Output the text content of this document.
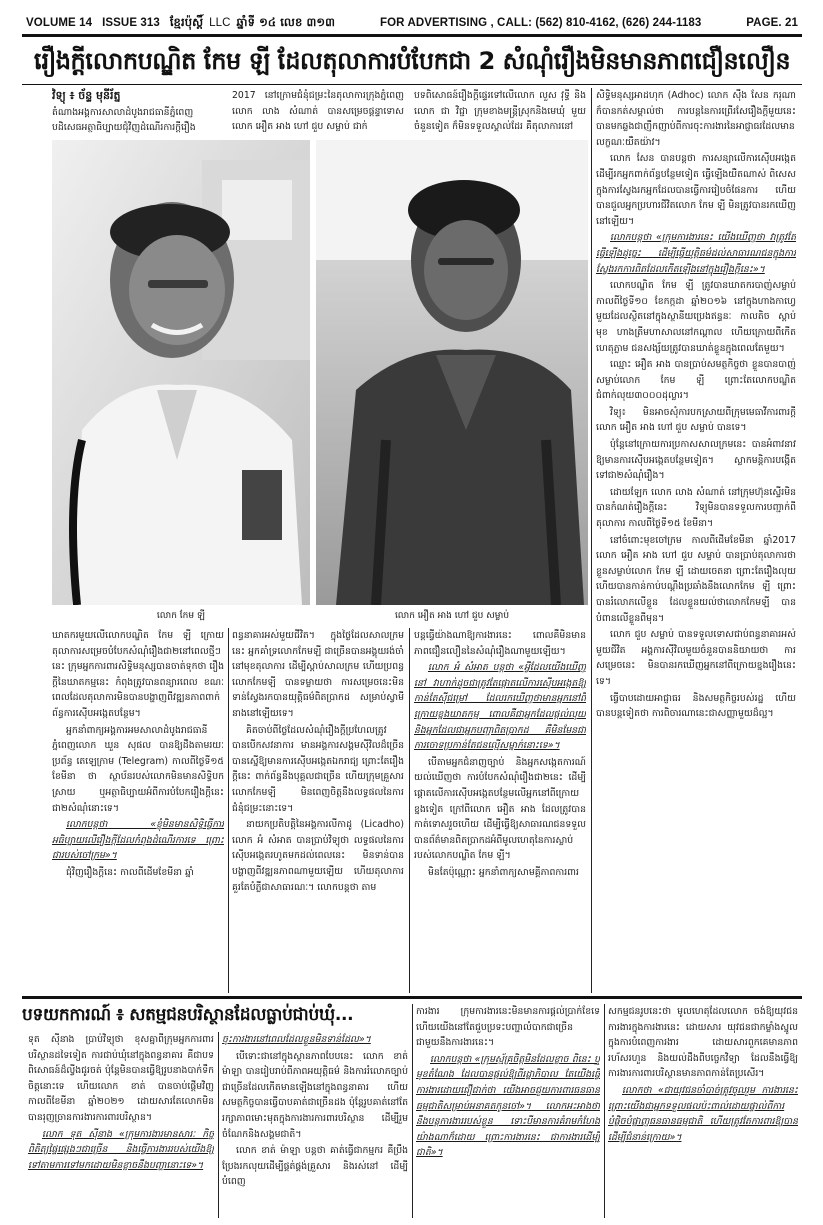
VOLUME 14 ISSUE 313 ខ្មែរប៉ុស្ដិ៍ LLC ឆ្នាំទី ១៤ លេខ ៣១៣	FOR ADVERTISING , CALL: (562) 810-4162, (626) 244-1183	PAGE. 21
រឿងក្ដីលោកបណ្ឌិត កែម ឡី ដែលតុលាការបំបែកជា 2 សំណុំរឿងមិនមានភាពជឿនលឿន

វិទ្យុ ៖ ច័ន្ទ មុនីរ័ត្ន

តំណាងអង្គការសាលាដំបូងរាជធានីភ្នំពេញ បដិសេធអត្ថាធិប្បាយជុំវិញដំណើរការក្ដីរឿង

2017 នៅក្រោមជំនុំជម្រះនៃតុលាការក្រុងភ្នំពេញ លោក លាង សំណាត់ បានសម្រេចផ្ដន្ទាទោស លោក អឿត អាង ហៅ ជួប សម្លាប់ ជាក់

បទពិសោធន៍រឿងក្ដីផ្ទេរទៅលើលោក លួស វុទ្ធី និងលោក ជា វិជ្ជា ក្រុមខាងមន្ត្រីស្រុកនិងមេឃុំ មួយចំនួនទៀត ក៏មិនទទួលស្គាល់ដែរ គឺតុលាការនៅ

លោក កែម ឡី	លោក អឿត អាង ហៅ ជួប សម្លាប់

សិទ្ធិមនុស្សអាដហុក (Adhoc) លោក ស៊ឹង សែន ករុណា ក៏បានកត់សម្គាល់ថា ការបន្ដនៃការព្រើរសែរឿងក្ដីមួយនេះបានមកឆ្លងជាញឹកញាប់ពីការចុះការងារនៃអាជ្ញាធរដែលមានលក្ខណៈយឺតយ៉ាវ។

លោក សែន បានបន្ដថា ការសន្យាលើការស៊ើបអង្កេត ដើម្បីរកអ្នកពាក់ព័ន្ធបន្ថែមទៀត ធ្វើឡើងយឺតណាស់ ពិសេសក្នុងការស្វែងរកអ្នកដែលបានធ្វើការរៀបចំផែនការ ហើយបានជួលអ្នកប្រហារជីវិតលោក កែម ឡី មិនត្រូវបានរកឃើញនៅឡើយ។

លោកបន្តថា «ក្រុមការងារនេះ យើងឃើញថា វាត្រូវតែធ្វើឡើងដូច្នេះ ដើម្បីធ្វើយុត្តិធម៌ដល់សាធារណជនក្នុងការស្វែងរកការពិតដែលកើតឡើងនៅក្នុងរឿងក្ដីនេះ»។

លោកបណ្ឌិត កែម ឡី ត្រូវបានឃាតករបាញ់សម្លាប់កាលពីថ្ងៃទី១០ ខែកក្កដា ឆ្នាំ២០១៦ នៅក្នុងហាងកាហ្វេមួយដែលស្ថិតនៅក្នុងស្ថានីយប្រេងឥន្ធនៈ កាលតិច ស្ដាប់មុខ ហាងត្រីមហាសាលនៅកណ្ដាល ហើយក្រោយពីកើតហេតុភ្លាម ជនសង្ស័យត្រូវបានឃាត់ខ្លួនក្នុងពេលតែមួយ។

ឈ្មោះ អឿត អាង បានប្រាប់សមត្ថកិច្ចថា ខ្លួនបានបាញ់សម្លាប់លោក កែម ឡី ព្រោះតែលោកបណ្ឌិតជំពាក់លុយ៣០០០ដុល្លារ។

វិទ្យុ៖ មិនអាចសុំការបកស្រាយពីក្រុមមេធាវីការពារក្ដីលោក អឿត អាង ហៅ ជួប សម្លាប់ បានទេ។

ប៉ុន្តែនៅក្រោយការប្រកាសសាលក្រមនេះ បានអំពាវនាវឱ្យមានការស៊ើបអង្កេតបន្ថែមទៀត។ ស្លាកមន្តិការបង្កើតទៅជា២សំណុំរឿង។

ដោយឡែក លោក លាង សំណាត់ នៅក្រុមហ៊ុនស្ទើរមិនបានកំណត់រឿងក្ដីនេះ វិទ្យុមិនបានទទួលការបញ្ជាក់ពីតុលាការ កាលពីថ្ងៃទី១៥ ខែមីនា។

នៅចំពោះមុខចៅក្រម កាលពីដើមខែមីនា ឆ្នាំ2017 លោក អឿត អាង ហៅ ជួប សម្លាប់ បានប្រាប់តុលាការថា ខ្លួនសម្លាប់លោក កែម ឡី ដោយចេតនា ព្រោះតែរឿងលុយ ហើយបានកាន់កាប់បណ្ដឹងប្រឆាំងនឹងលោកកែម ឡី ព្រោះបានរំលោភលើខ្លួន ដែលខ្លួនយល់ថាលោកកែមឡី បានបំពានលើខ្លួនពីមុន។

លោក ជួប សម្លាប់ បានទទួលទោសជាប់ពន្ធនាគារអស់មួយជីវិត អង្គការស៊ីវិលមួយចំនួនបាននិយាយថា ការសម្រេចនេះ មិនបានរកឃើញអ្នកនៅពីក្រោយខ្នងរឿងនេះទេ។

ធ្វើបាបដោយអាជ្ញាធរ និងសមត្ថកិច្ចរបស់រដ្ឋ ហើយបានបន្ដទៀតថា ការពិចារណានេះជាសញ្ញាមួយដ៏ល្អ។

ឃាតករមួយលើលោកបណ្ឌិត កែម ឡី ក្រោយតុលាការសម្រេចបំបែកសំណុំរឿងជា២នៅពេលថ្មីៗនេះ ក្រុមអ្នកការពារសិទ្ធិមនុស្សបានចាត់ទុកថា រឿងក្ដីនៃឃាតកម្មនេះ កំពុងត្រូវបានពន្យារពេល ខណៈពេលដែលតុលាការមិនបានបង្ហាញពីវឌ្ឍនភាពពាក់ព័ន្ធការស៊ើបអង្កេតបន្ថែម។

អ្នកនាំពាក្យអង្គការអមសាលាដំបូងរាជធានីភ្នំពេញលោក ឃួន សុផល បានឱ្យដឹងតាមរយៈប្រព័ន្ធ តេឡេក្រាម (Telegram) កាលពីថ្ងៃទី១៥ ខែមីនា ថា ស្ថាប័នរបស់លោកមិនមានសិទ្ធិបកស្រាយ ឬអត្ថាធិប្បាយអំពីការបំបែករឿងក្ដីនេះជា២សំណុំនោះទេ។

លោកបន្តថា «ខ្ញុំមិនមានសិទ្ធិធ្វើការអធិប្បាយលើរឿងក្ដីដែលកំពុងដំណើរការទេ ព្រោះជារបស់ចៅក្រម»។

ជុំវិញរឿងក្ដីនេះ កាលពីដើមខែមីនា ឆ្នាំ

ពន្ធនាគារអស់មួយជីវិត។ ក្នុងថ្ងៃដែលសាលក្រមនេះ អ្នកគាំទ្រលោកកែមឡី ជាច្រើនបានអង្គុយរង់ចាំនៅមុខតុលាការ ដើម្បីស្ដាប់សាលក្រម ហើយប្រពន្ធលោកកែមឡី បានទម្លាយថា ការសម្រេចនេះមិនទាន់ស្វែងរកបានយុត្តិធម៌ពិតប្រាកដ សម្រាប់ស្វាមីនាងនៅឡើយទេ។

គិតចាប់ពីថ្ងៃដែលសំណុំរឿងក្ដីប្រហែលត្រូវបានបើកសវនាការ មានអង្គការសង្គមស៊ីវិលដ៏ច្រើន បានស្នើឱ្យមានការស៊ើបអង្កេតឯករាជ្យ ព្រោះតែរឿងក្ដីនេះ ពាក់ព័ន្ធនឹងបុគ្គលជាច្រើន ហើយក្រុមគ្រួសារលោកកែមឡី មិនពេញចិត្តនឹងលទ្ធផលនៃការជំនុំជម្រះនោះទេ។

នាយកប្រតិបត្តិនៃអង្គការលីកាដូ (Licadho) លោក អំ សំអាត បានប្រាប់វិទ្យុថា លទ្ធផលនៃការស៊ើបអង្កេតរហូតមកដល់ពេលនេះ មិនទាន់បានបង្ហាញពីវឌ្ឍនភាពណាមួយឡើយ ហើយតុលាការគួរតែបំភ្លឺជាសាធារណៈ។ លោកបន្ដថា តាម

បន្ដធ្វើយ៉ាងណាឱ្យការងារនេះ ពោលគឺមិនមានភាពជឿនលឿននៃសំណុំរឿងណាមួយឡើយ។

លោក អំ សំអាត បន្តថា «អ្វីដែលយើងឃើញនៅ វាហាក់ដូចជាត្រូវតែផ្ដោតលើការស៊ើបអង្កេតឱ្យកាន់តែស៊ីជម្រៅ ដែលរកឃើញថាមានអ្នកនៅពីក្រោយខ្នងឃាតកម្ម ពោលគឺជាអ្នកដែលផ្ដល់លុយ និងអ្នកដែលជាអ្នកបញ្ជាពិតប្រាកដ គឺមិនមែនជាការចោទប្រកាន់តែជនល្មើសម្នាក់នោះទេ»។

បើតាមអ្នកជំនាញច្បាប់ និងអ្នកសង្កេតការណ៍ យល់ឃើញថា ការបំបែកសំណុំរឿងជា២នេះ ដើម្បីផ្ដោតលើការស៊ើបអង្កេតបន្ថែមលើអ្នកនៅពីក្រោយខ្នងទៀត ក្រៅពីលោក អឿត អាង ដែលត្រូវបានកាត់ទោសរួចហើយ ដើម្បីធ្វើឱ្យសាធារណជនទទួលបានព័ត៌មានពិតប្រាកដអំពីមូលហេតុនៃការស្លាប់របស់លោកបណ្ឌិត កែម ឡី។

មិនតែប៉ុណ្ណោះ អ្នកនាំពាក្យសាមគ្គីភាពការពារ

បទយកការណ៍ ៖ សតម្មជនបរិស្ថានដែលធ្លាប់ជាប់ឃុំ...

ទុត ស៊ីនាង ប្រាប់វិទ្យុថា ខុសគ្នាពីក្រុមអ្នកការពារបរិស្ថានដទៃទៀត ការជាប់ឃុំនៅក្នុងពន្ធនាគារ គឺជាបទពិសោធន៍ដ៏ល្វីងជូរចត់ ប៉ុន្តែមិនបានធ្វើឱ្យរូបនាងបាក់ទឹកចិត្តនោះទេ ហើយលោក ខាត់ បានចាប់ផ្ដើមវិញ កាលពីខែមីនា ឆ្នាំ២០២១ ដោយសារតែលោកមិនបានរុញច្រានការងារការពារបរិស្ថាន។

លោក ទុត ស៊ីនាង «ក្រុមការងារមានសារៈ កិច្ច ពិតិត្យផ្ទៃផ្សេងៗជាច្រើន និងធ្វើការងាររបស់យើងឱ្យ ទៅតាមការទៅមកដោយមិនខ្លាចនឹងបញ្ហានោះទេ»។

ចុះការងារនៅពេលដែលខ្លួនមិនទាន់ដែល»។

បើទោះជានៅក្នុងស្ថានភាពបែបនេះ លោក ខាត់ ម៉ាឡា បានរៀបរាប់ពីភាពអយុត្តិធម៌ និងការរំលោភច្បាប់ជាច្រើនដែលកើតមានឡើងនៅក្នុងពន្ធនាគារ ហើយសមត្ថកិច្ចបានធ្វើបាបគាត់ជាច្រើនដង ប៉ុន្តែរូបគាត់នៅតែរក្សាភាពមោះមុតក្នុងការងារការពារបរិស្ថាន ដើម្បីរួមចំណែកនិងសង្គមជាតិ។

លោក ខាត់ ម៉ាឡា បន្តថា គាត់ធ្វើជាកម្មករ គឺប្រឹងប្រែងរកលុយដើម្បីផ្គត់ផ្គង់គ្រួសារ និងរស់នៅ ដើម្បីបំពេញ

ការងារ ក្រុមការងារនេះមិនមានការផ្ដល់ប្រាក់ខែទេ ហើយយើងនៅតែជួបប្រទះបញ្ហាលំបាកជាច្រើនជាមួយនឹងការងារនេះ។

លោកបន្ដថា «ក្រុមស្ម័គ្រចិត្តមិនដែលខ្លាច ពិនេះ ឬមុខតំណែង ដែលបានផ្ដល់ឱ្យពីរដ្ឋាភិបាល តែយើងធ្វើការងារដោយជឿជាក់ថា យើងអាចជួយការពារធនធានធម្មជាតិសម្រាប់អនាគតកូនចៅ»។ លោកអះអាងថា នឹងបន្តការងាររបស់ខ្លួន ទោះបីមានការគំរាមកំហែងយ៉ាងណាក៏ដោយ ព្រោះការងារនេះ ជាការងារដើម្បីជាតិ»។

សកម្មជនរូបនេះថា មូលហេតុដែលលោក ចង់ឱ្យយុវជនការងារក្នុងការងារនេះ ដោយសារ យុវជនជាកម្លាំងស្នូល ក្នុងការបំពេញការងារ ដោយសារពួកគេមានភាពរហ័សរហួន និងយល់ដឹងពីបច្ចេកវិទ្យា ដែលនឹងធ្វើឱ្យការងារការពារបរិស្ថានមានភាពកាន់តែប្រសើរ។

លោកថា «ជាយុវជនចាំបាច់ត្រូវចូលរួម ការងារនេះ ព្រោះយើងជាអ្នកទទួលផលប៉ះពាល់ដោយផ្ទាល់ពីការបំផ្លិចបំផ្លាញធនធានធម្មជាតិ ហើយត្រូវតែការពារឱ្យបានដើម្បីជំនាន់ក្រោយ»។
